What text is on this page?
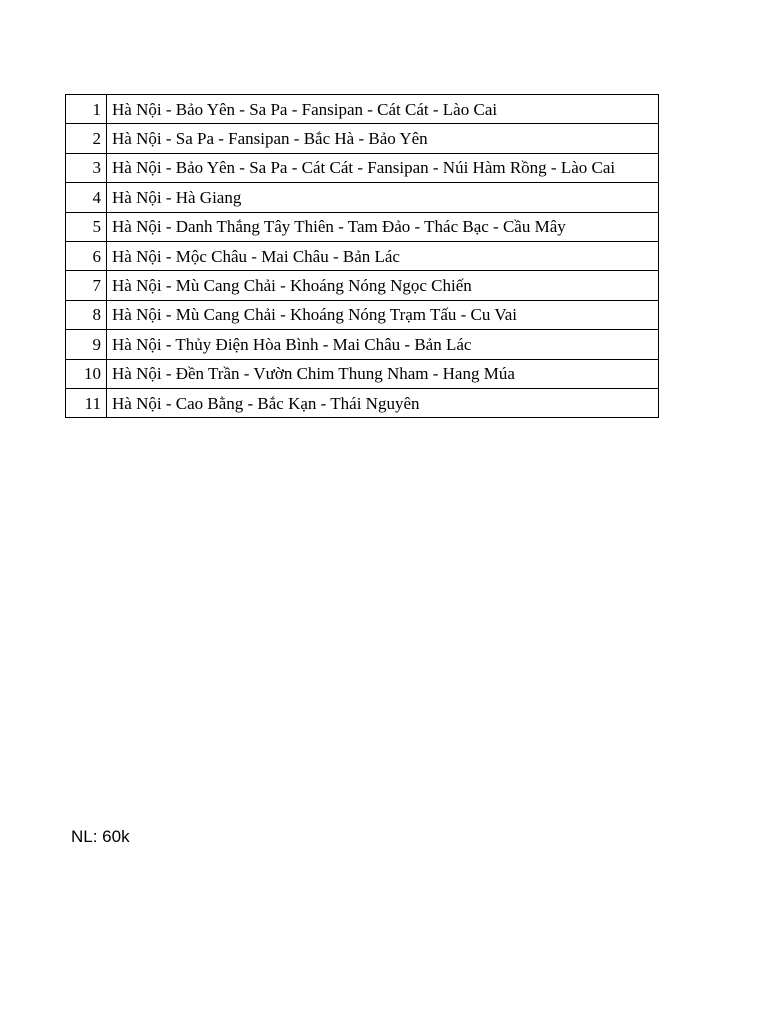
1	Hà Nội - Bảo Yên - Sa Pa - Fansipan - Cát Cát - Lào Cai
2	Hà Nội - Sa Pa - Fansipan - Bắc Hà - Bảo Yên
3	Hà Nội - Bảo Yên - Sa Pa - Cát Cát - Fansipan - Núi Hàm Rồng - Lào Cai
4	Hà Nội - Hà Giang
5	Hà Nội - Danh Thắng Tây Thiên - Tam Đảo - Thác Bạc - Cầu Mây
6	Hà Nội - Mộc Châu - Mai Châu - Bản Lác
7	Hà Nội - Mù Cang Chải - Khoáng Nóng Ngọc Chiến
8	Hà Nội - Mù Cang Chải - Khoáng Nóng Trạm Tấu - Cu Vai
9	Hà Nội - Thủy Điện Hòa Bình - Mai Châu - Bản Lác
10	Hà Nội - Đền Trần - Vườn Chim Thung Nham - Hang Múa
11	Hà Nội - Cao Bằng - Bắc Kạn - Thái Nguyên
NL: 60k
